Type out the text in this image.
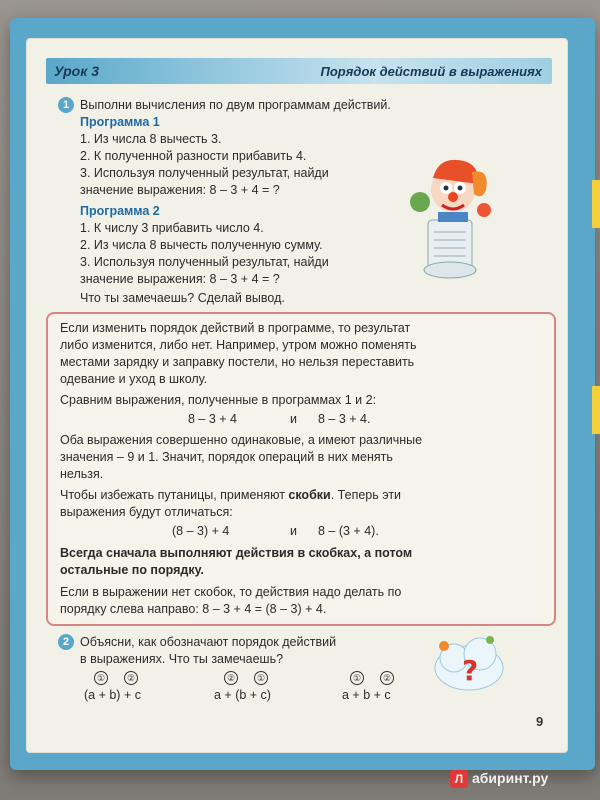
Урок 3	Порядок действий в выражениях
1 Выполни вычисления по двум программам действий.
Программа 1
1. Из числа 8 вычесть 3.
2. К полученной разности прибавить 4.
3. Используя полученный результат, найди
значение выражения: 8 – 3 + 4 = ?
Программа 2
1. К числу 3 прибавить число 4.
2. Из числа 8 вычесть полученную сумму.
3. Используя полученный результат, найди
значение выражения: 8 – 3 + 4 = ?
Что ты замечаешь? Сделай вывод.
Если изменить порядок действий в программе, то результат
либо изменится, либо нет. Например, утром можно поменять
местами зарядку и заправку постели, но нельзя переставить
одевание и уход в школу.
Сравним выражения, полученные в программах 1 и 2:
8 – 3 + 4	и 8 – 3 + 4.
Оба выражения совершенно одинаковые, а имеют различные
значения – 9 и 1. Значит, порядок операций в них менять
нельзя.
Чтобы избежать путаницы, применяют скобки. Теперь эти
выражения будут отличаться:
(8 – 3) + 4	и 8 – (3 + 4).
Всегда сначала выполняют действия в скобках, а потом
остальные по порядку.
Если в выражении нет скобок, то действия надо делать по
порядку слева направо: 8 – 3 + 4 = (8 – 3) + 4.
2 Объясни, как обозначают порядок действий
в выражениях. Что ты замечаешь?
① ②
(a + b) + c
② ①
a + (b + c)
① ②
a + b + c
?
9
Л абиринт.ру
